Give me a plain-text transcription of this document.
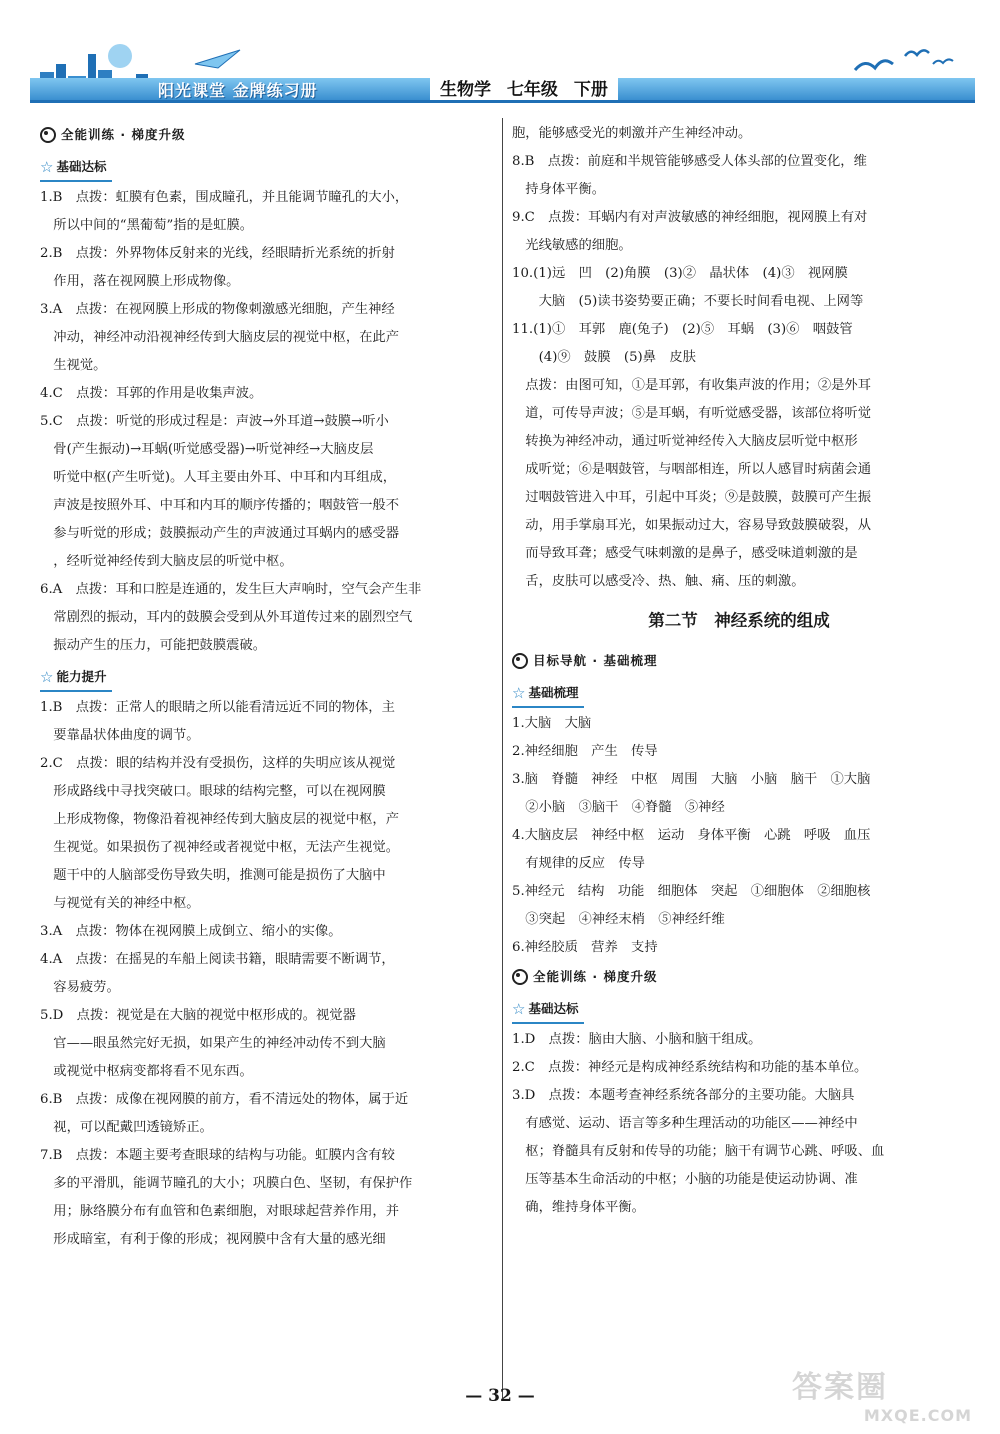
阳光课堂 金牌练习册	生物学 七年级 下册
全能训练 · 梯度升级
☆ 基础达标
1.B　点拨：虹膜有色素，围成瞳孔，并且能调节瞳孔的大小，
　所以中间的“黑葡萄”指的是虹膜。
2.B　点拨：外界物体反射来的光线，经眼睛折光系统的折射
　作用，落在视网膜上形成物像。
3.A　点拨：在视网膜上形成的物像刺激感光细胞，产生神经
　冲动，神经冲动沿视神经传到大脑皮层的视觉中枢，在此产
　生视觉。
4.C　点拨：耳郭的作用是收集声波。
5.C　点拨：听觉的形成过程是：声波→外耳道→鼓膜→听小
　骨(产生振动)→耳蜗(听觉感受器)→听觉神经→大脑皮层
　听觉中枢(产生听觉)。人耳主要由外耳、中耳和内耳组成，
　声波是按照外耳、中耳和内耳的顺序传播的；咽鼓管一般不
　参与听觉的形成；鼓膜振动产生的声波通过耳蜗内的感受器
　，经听觉神经传到大脑皮层的听觉中枢。
6.A　点拨：耳和口腔是连通的，发生巨大声响时，空气会产生非
　常剧烈的振动，耳内的鼓膜会受到从外耳道传过来的剧烈空气
　振动产生的压力，可能把鼓膜震破。
☆ 能力提升
1.B　点拨：正常人的眼睛之所以能看清远近不同的物体，主
　要靠晶状体曲度的调节。
2.C　点拨：眼的结构并没有受损伤，这样的失明应该从视觉
　形成路线中寻找突破口。眼球的结构完整，可以在视网膜
　上形成物像，物像沿着视神经传到大脑皮层的视觉中枢，产
　生视觉。如果损伤了视神经或者视觉中枢，无法产生视觉。
　题干中的人脑部受伤导致失明，推测可能是损伤了大脑中
　与视觉有关的神经中枢。
3.A　点拨：物体在视网膜上成倒立、缩小的实像。
4.A　点拨：在摇晃的车船上阅读书籍，眼睛需要不断调节，
　容易疲劳。
5.D　点拨：视觉是在大脑的视觉中枢形成的。视觉器
　官——眼虽然完好无损，如果产生的神经冲动传不到大脑
　或视觉中枢病变都将看不见东西。
6.B　点拨：成像在视网膜的前方，看不清远处的物体，属于近
　视，可以配戴凹透镜矫正。
7.B　点拨：本题主要考查眼球的结构与功能。虹膜内含有较
　多的平滑肌，能调节瞳孔的大小；巩膜白色、坚韧，有保护作
　用；脉络膜分布有血管和色素细胞，对眼球起营养作用，并
　形成暗室，有利于像的形成；视网膜中含有大量的感光细
胞，能够感受光的刺激并产生神经冲动。
8.B　点拨：前庭和半规管能够感受人体头部的位置变化，维
　持身体平衡。
9.C　点拨：耳蜗内有对声波敏感的神经细胞，视网膜上有对
　光线敏感的细胞。
10.(1)远　凹　(2)角膜　(3)②　晶状体　(4)③　视网膜
　　大脑　(5)读书姿势要正确；不要长时间看电视、上网等
11.(1)①　耳郭　鹿(兔子)　(2)⑤　耳蜗　(3)⑥　咽鼓管
　　(4)⑨　鼓膜　(5)鼻　皮肤
　点拨：由图可知，①是耳郭，有收集声波的作用；②是外耳
　道，可传导声波；⑤是耳蜗，有听觉感受器，该部位将听觉
　转换为神经冲动，通过听觉神经传入大脑皮层听觉中枢形
　成听觉；⑥是咽鼓管，与咽部相连，所以人感冒时病菌会通
　过咽鼓管进入中耳，引起中耳炎；⑨是鼓膜，鼓膜可产生振
　动，用手掌扇耳光，如果振动过大，容易导致鼓膜破裂，从
　而导致耳聋；感受气味刺激的是鼻子，感受味道刺激的是
　舌，皮肤可以感受冷、热、触、痛、压的刺激。
第二节　神经系统的组成
目标导航 · 基础梳理
☆ 基础梳理
1.大脑　大脑
2.神经细胞　产生　传导
3.脑　脊髓　神经　中枢　周围　大脑　小脑　脑干　①大脑
　②小脑　③脑干　④脊髓　⑤神经
4.大脑皮层　神经中枢　运动　身体平衡　心跳　呼吸　血压
　有规律的反应　传导
5.神经元　结构　功能　细胞体　突起　①细胞体　②细胞核
　③突起　④神经末梢　⑤神经纤维
6.神经胶质　营养　支持
全能训练 · 梯度升级
☆ 基础达标
1.D　点拨：脑由大脑、小脑和脑干组成。
2.C　点拨：神经元是构成神经系统结构和功能的基本单位。
3.D　点拨：本题考查神经系统各部分的主要功能。大脑具
　有感觉、运动、语言等多种生理活动的功能区——神经中
　枢；脊髓具有反射和传导的功能；脑干有调节心跳、呼吸、血
　压等基本生命活动的中枢；小脑的功能是使运动协调、准
　确，维持身体平衡。
— 32 —	答案圈
MXQE.COM
